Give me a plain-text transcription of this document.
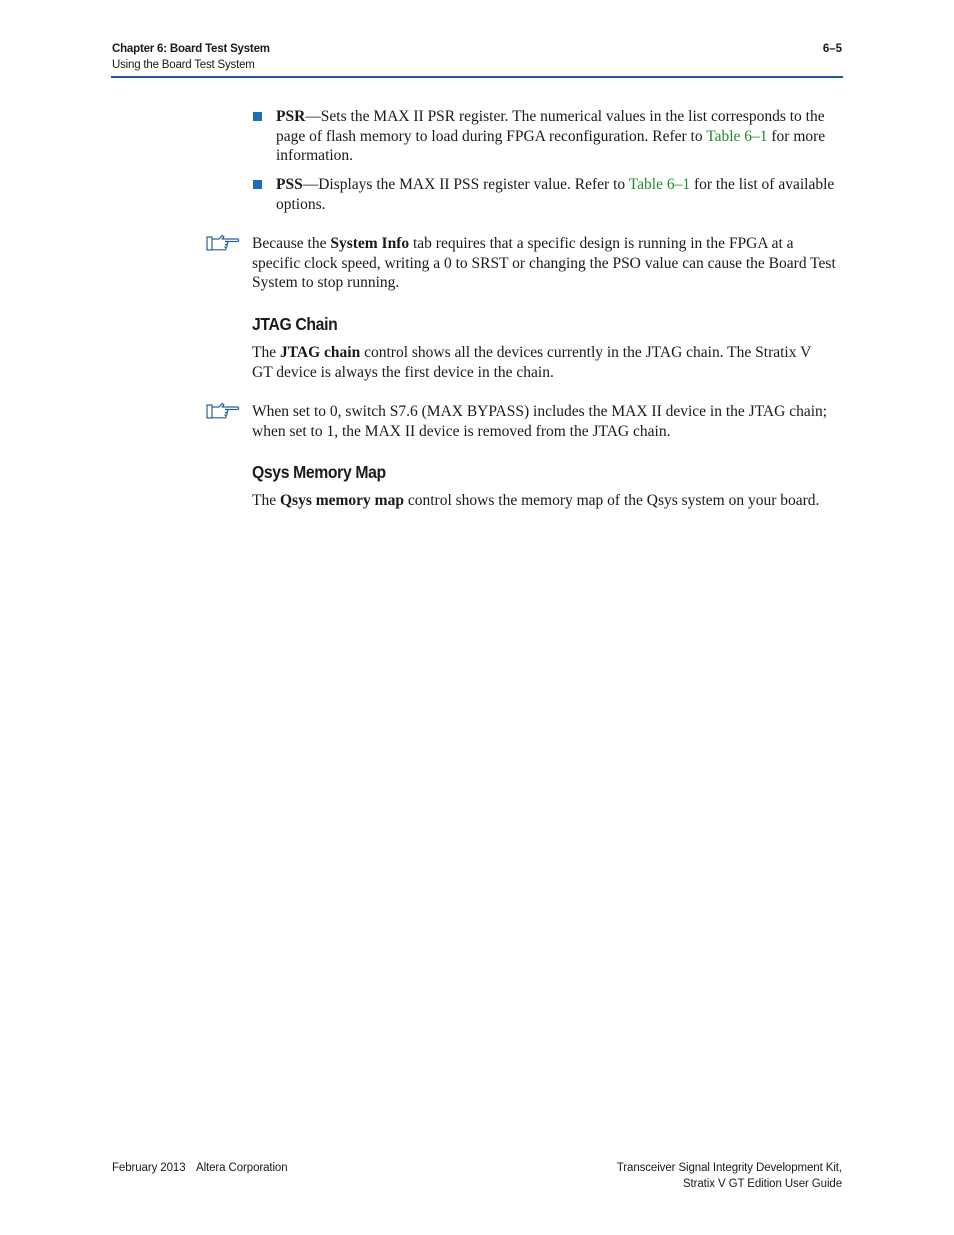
Chapter 6: Board Test System
Using the Board Test System
6–5

PSR—Sets the MAX II PSR register. The numerical values in the list corresponds to the page of flash memory to load during FPGA reconfiguration. Refer to Table 6–1 for more information.

PSS—Displays the MAX II PSS register value. Refer to Table 6–1 for the list of available options.

Because the System Info tab requires that a specific design is running in the FPGA at a specific clock speed, writing a 0 to SRST or changing the PSO value can cause the Board Test System to stop running.

JTAG Chain

The JTAG chain control shows all the devices currently in the JTAG chain. The Stratix V GT device is always the first device in the chain.

When set to 0, switch S7.6 (MAX BYPASS) includes the MAX II device in the JTAG chain; when set to 1, the MAX II device is removed from the JTAG chain.

Qsys Memory Map

The Qsys memory map control shows the memory map of the Qsys system on your board.

February 2013 Altera Corporation	Transceiver Signal Integrity Development Kit,
Stratix V GT Edition User Guide
